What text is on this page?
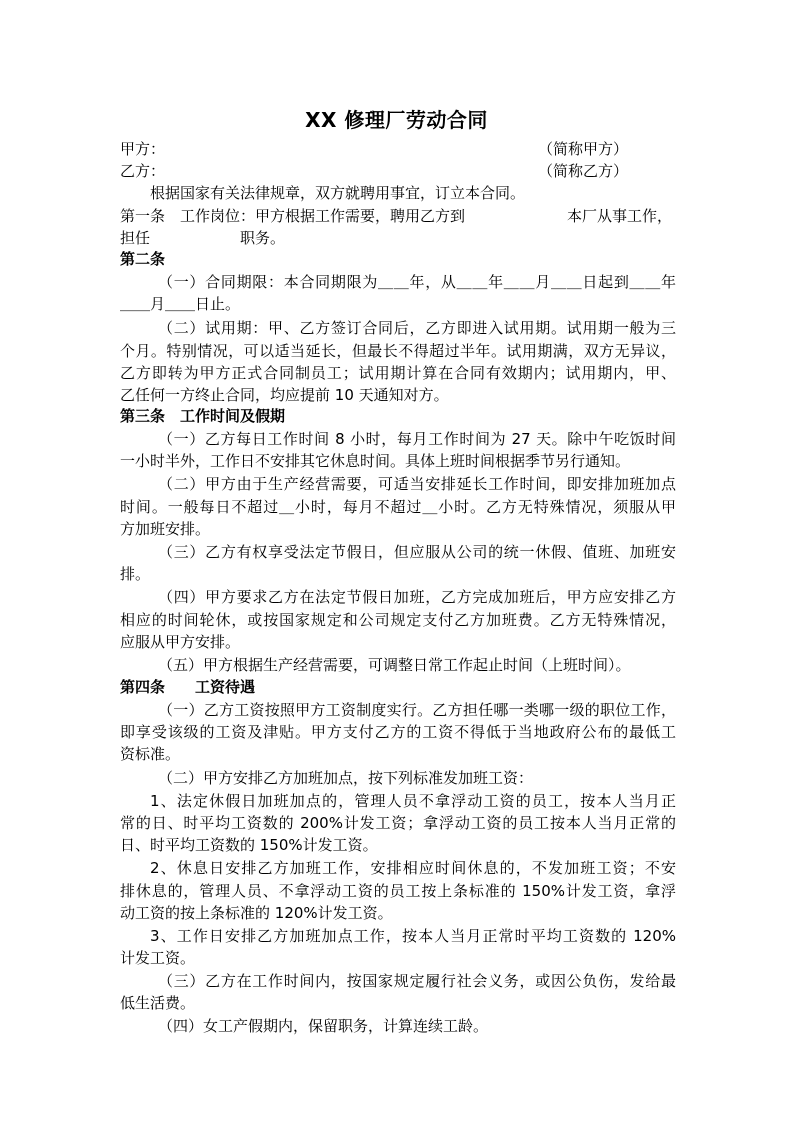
XX 修理厂劳动合同
甲方：	（简称甲方）
乙方：	（简称乙方）
根据国家有关法律规章，双方就聘用事宜，订立本合同。
第一条　工作岗位：甲方根据工作需要，聘用乙方到	本厂从事工作，
担任	职务。
第二条
（一）合同期限：本合同期限为＿＿年，从＿＿年＿＿月＿＿日起到＿＿年
＿＿月＿＿日止。
（二）试用期：甲、乙方签订合同后，乙方即进入试用期。试用期一般为三
个月。特别情况，可以适当延长，但最长不得超过半年。试用期满，双方无异议，
乙方即转为甲方正式合同制员工；试用期计算在合同有效期内；试用期内，甲、
乙任何一方终止合同，均应提前 10 天通知对方。
第三条　工作时间及假期
（一）乙方每日工作时间 8 小时，每月工作时间为 27 天。除中午吃饭时间
一小时半外，工作日不安排其它休息时间。具体上班时间根据季节另行通知。
（二）甲方由于生产经营需要，可适当安排延长工作时间，即安排加班加点
时间。一般每日不超过＿小时，每月不超过＿小时。乙方无特殊情况，须服从甲
方加班安排。
（三）乙方有权享受法定节假日，但应服从公司的统一休假、值班、加班安
排。
（四）甲方要求乙方在法定节假日加班，乙方完成加班后，甲方应安排乙方
相应的时间轮休，或按国家规定和公司规定支付乙方加班费。乙方无特殊情况，
应服从甲方安排。
（五）甲方根据生产经营需要，可调整日常工作起止时间（上班时间）。
第四条　　工资待遇
（一）乙方工资按照甲方工资制度实行。乙方担任哪一类哪一级的职位工作，
即享受该级的工资及津贴。甲方支付乙方的工资不得低于当地政府公布的最低工
资标准。
（二）甲方安排乙方加班加点，按下列标准发加班工资：
1、法定休假日加班加点的，管理人员不拿浮动工资的员工，按本人当月正
常的日、时平均工资数的 200%计发工资；拿浮动工资的员工按本人当月正常的
日、时平均工资数的 150%计发工资。
2、休息日安排乙方加班工作，安排相应时间休息的，不发加班工资；不安
排休息的，管理人员、不拿浮动工资的员工按上条标准的 150%计发工资，拿浮
动工资的按上条标准的 120%计发工资。
3、工作日安排乙方加班加点工作，按本人当月正常时平均工资数的 120%
计发工资。
（三）乙方在工作时间内，按国家规定履行社会义务，或因公负伤，发给最
低生活费。
（四）女工产假期内，保留职务，计算连续工龄。
